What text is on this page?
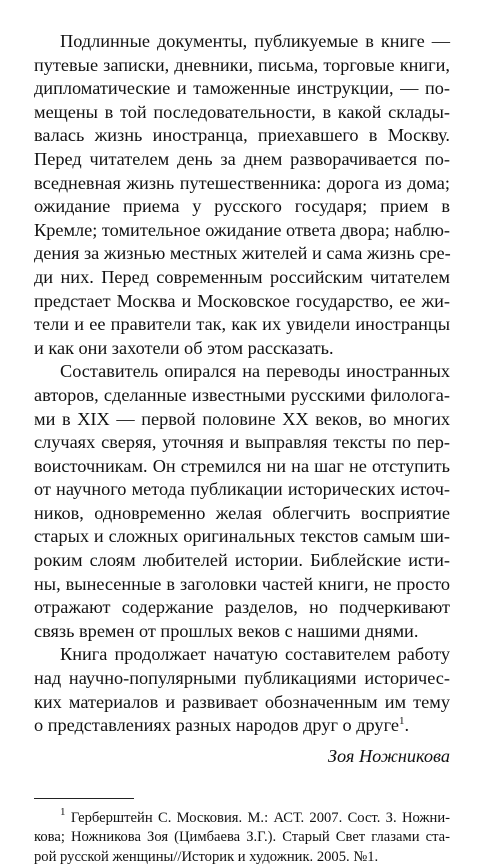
Подлинные документы, публикуемые в книге —
путевые записки, дневники, письма, торговые книги,
дипломатические и таможенные инструкции, — по-
мещены в той последовательности, в какой склады-
валась жизнь иностранца, приехавшего в Москву.
Перед читателем день за днем разворачивается по-
вседневная жизнь путешественника: дорога из дома;
ожидание приема у русского государя; прием в
Кремле; томительное ожидание ответа двора; наблю-
дения за жизнью местных жителей и сама жизнь сре-
ди них. Перед современным российским читателем
предстает Москва и Московское государство, ее жи-
тели и ее правители так, как их увидели иностранцы
и как они захотели об этом рассказать.
Составитель опирался на переводы иностранных
авторов, сделанные известными русскими филолога-
ми в XIX — первой половине XX веков, во многих
случаях сверяя, уточняя и выправляя тексты по пер-
воисточникам. Он стремился ни на шаг не отступить
от научного метода публикации исторических источ-
ников, одновременно желая облегчить восприятие
старых и сложных оригинальных текстов самым ши-
роким слоям любителей истории. Библейские исти-
ны, вынесенные в заголовки частей книги, не просто
отражают содержание разделов, но подчеркивают
связь времен от прошлых веков с нашими днями.
Книга продолжает начатую составителем работу
над научно-популярными публикациями историчес-
ких материалов и развивает обозначенным им тему
о представлениях разных народов друг о друге$^1$.
Зоя Ножникова
$^1$ Герберштейн С. Московия. М.: АСТ. 2007. Сост. З. Ножни-
кова; Ножникова Зоя (Цимбаева З.Г.). Старый Свет глазами ста-
рой русской женщины//Историк и художник. 2005. №1.
